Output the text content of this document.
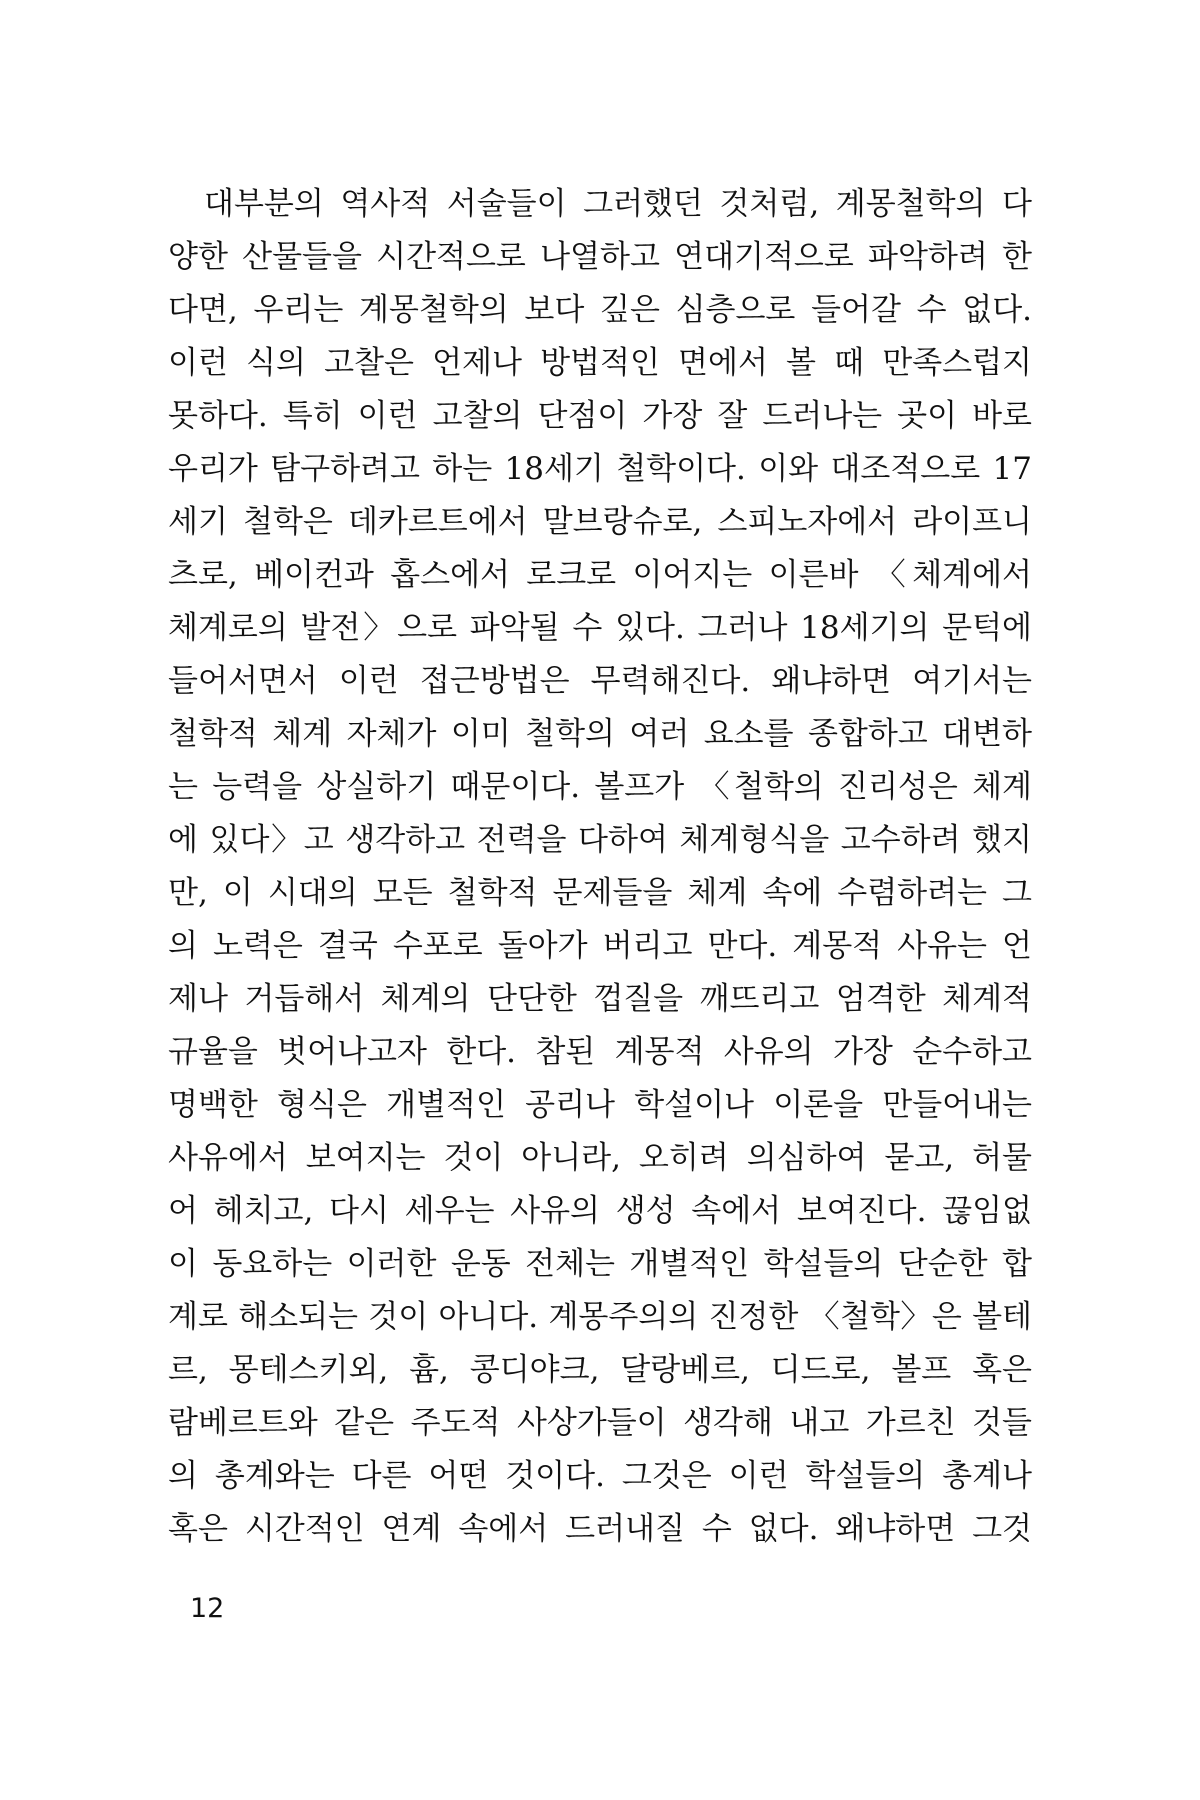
대부분의 역사적 서술들이 그러했던 것처럼, 계몽철학의 다
양한 산물들을 시간적으로 나열하고 연대기적으로 파악하려 한
다면, 우리는 계몽철학의 보다 깊은 심층으로 들어갈 수 없다.
이런 식의 고찰은 언제나 방법적인 면에서 볼 때 만족스럽지
못하다. 특히 이런 고찰의 단점이 가장 잘 드러나는 곳이 바로
우리가 탐구하려고 하는 18세기 철학이다. 이와 대조적으로 17
세기 철학은 데카르트에서 말브랑슈로, 스피노자에서 라이프니
츠로, 베이컨과 홉스에서 로크로 이어지는 이른바 〈체계에서
체계로의 발전〉으로 파악될 수 있다. 그러나 18세기의 문턱에
들어서면서 이런 접근방법은 무력해진다. 왜냐하면 여기서는
철학적 체계 자체가 이미 철학의 여러 요소를 종합하고 대변하
는 능력을 상실하기 때문이다. 볼프가 〈철학의 진리성은 체계
에 있다〉고 생각하고 전력을 다하여 체계형식을 고수하려 했지
만, 이 시대의 모든 철학적 문제들을 체계 속에 수렴하려는 그
의 노력은 결국 수포로 돌아가 버리고 만다. 계몽적 사유는 언
제나 거듭해서 체계의 단단한 껍질을 깨뜨리고 엄격한 체계적
규율을 벗어나고자 한다. 참된 계몽적 사유의 가장 순수하고
명백한 형식은 개별적인 공리나 학설이나 이론을 만들어내는
사유에서 보여지는 것이 아니라, 오히려 의심하여 묻고, 허물
어 헤치고, 다시 세우는 사유의 생성 속에서 보여진다. 끊임없
이 동요하는 이러한 운동 전체는 개별적인 학설들의 단순한 합
계로 해소되는 것이 아니다. 계몽주의의 진정한 〈철학〉은 볼테
르, 몽테스키외, 흄, 콩디야크, 달랑베르, 디드로, 볼프 혹은
람베르트와 같은 주도적 사상가들이 생각해 내고 가르친 것들
의 총계와는 다른 어떤 것이다. 그것은 이런 학설들의 총계나
혹은 시간적인 연계 속에서 드러내질 수 없다. 왜냐하면 그것
12
